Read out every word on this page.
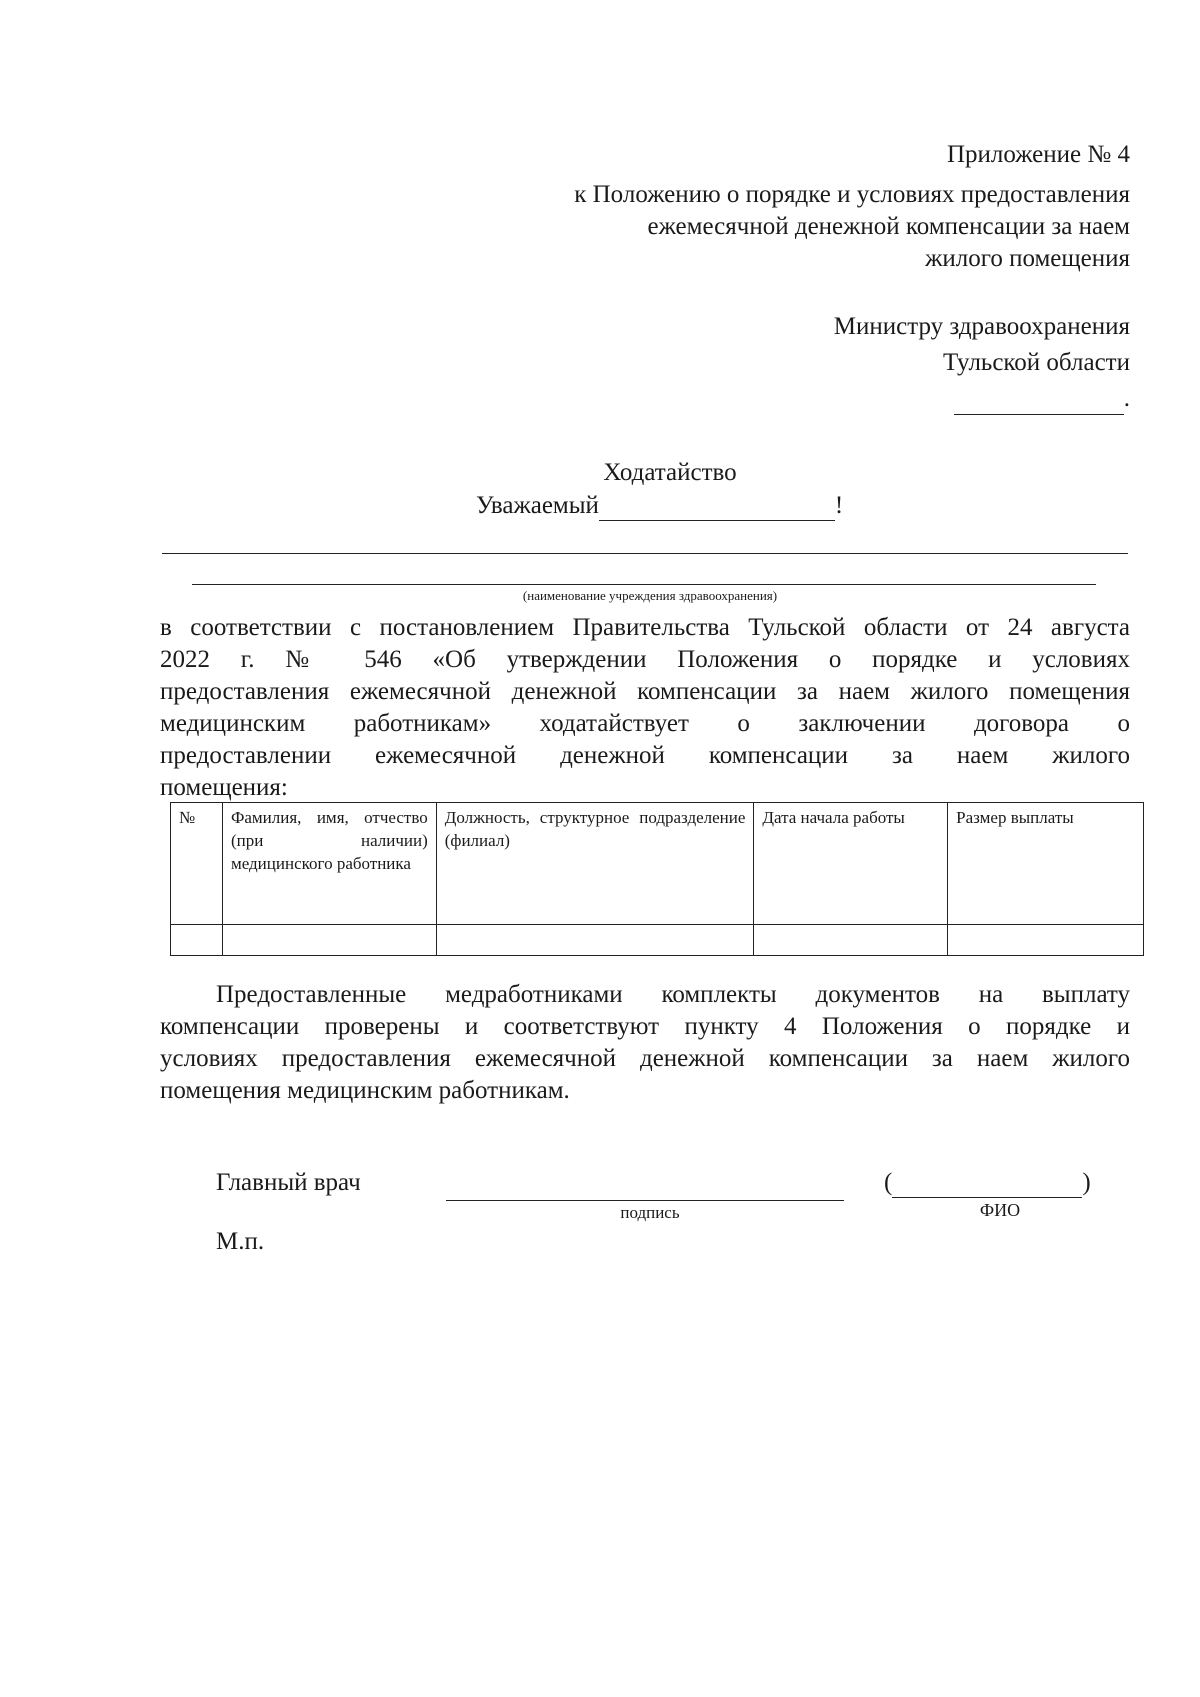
Приложение № 4
к Положению о порядке и условиях предоставления
ежемесячной денежной компенсации за наем
жилого помещения
Министру здравоохранения
Тульской области
.
Ходатайство
Уважаемый	!
(наименование учреждения здравоохранения)
в соответствии с постановлением Правительства Тульской области от 24 августа
2022 г. № 546 «Об утверждении Положения о порядке и условиях
предоставления ежемесячной денежной компенсации за наем жилого помещения
медицинским работникам» ходатайствует о заключении договора о
предоставлении ежемесячной денежной компенсации за наем жилого
помещения:
№	Фамилия, имя, отчество (при наличии) медицинского работника	Должность, структурное подразделение (филиал)	Дата начала работы	Размер выплаты

Предоставленные медработниками комплекты документов на выплату
компенсации проверены и соответствуют пункту 4 Положения о порядке и
условиях предоставления ежемесячной денежной компенсации за наем жилого
помещения медицинским работникам.
Главный врач
подпись
(	)
ФИО
М.п.
